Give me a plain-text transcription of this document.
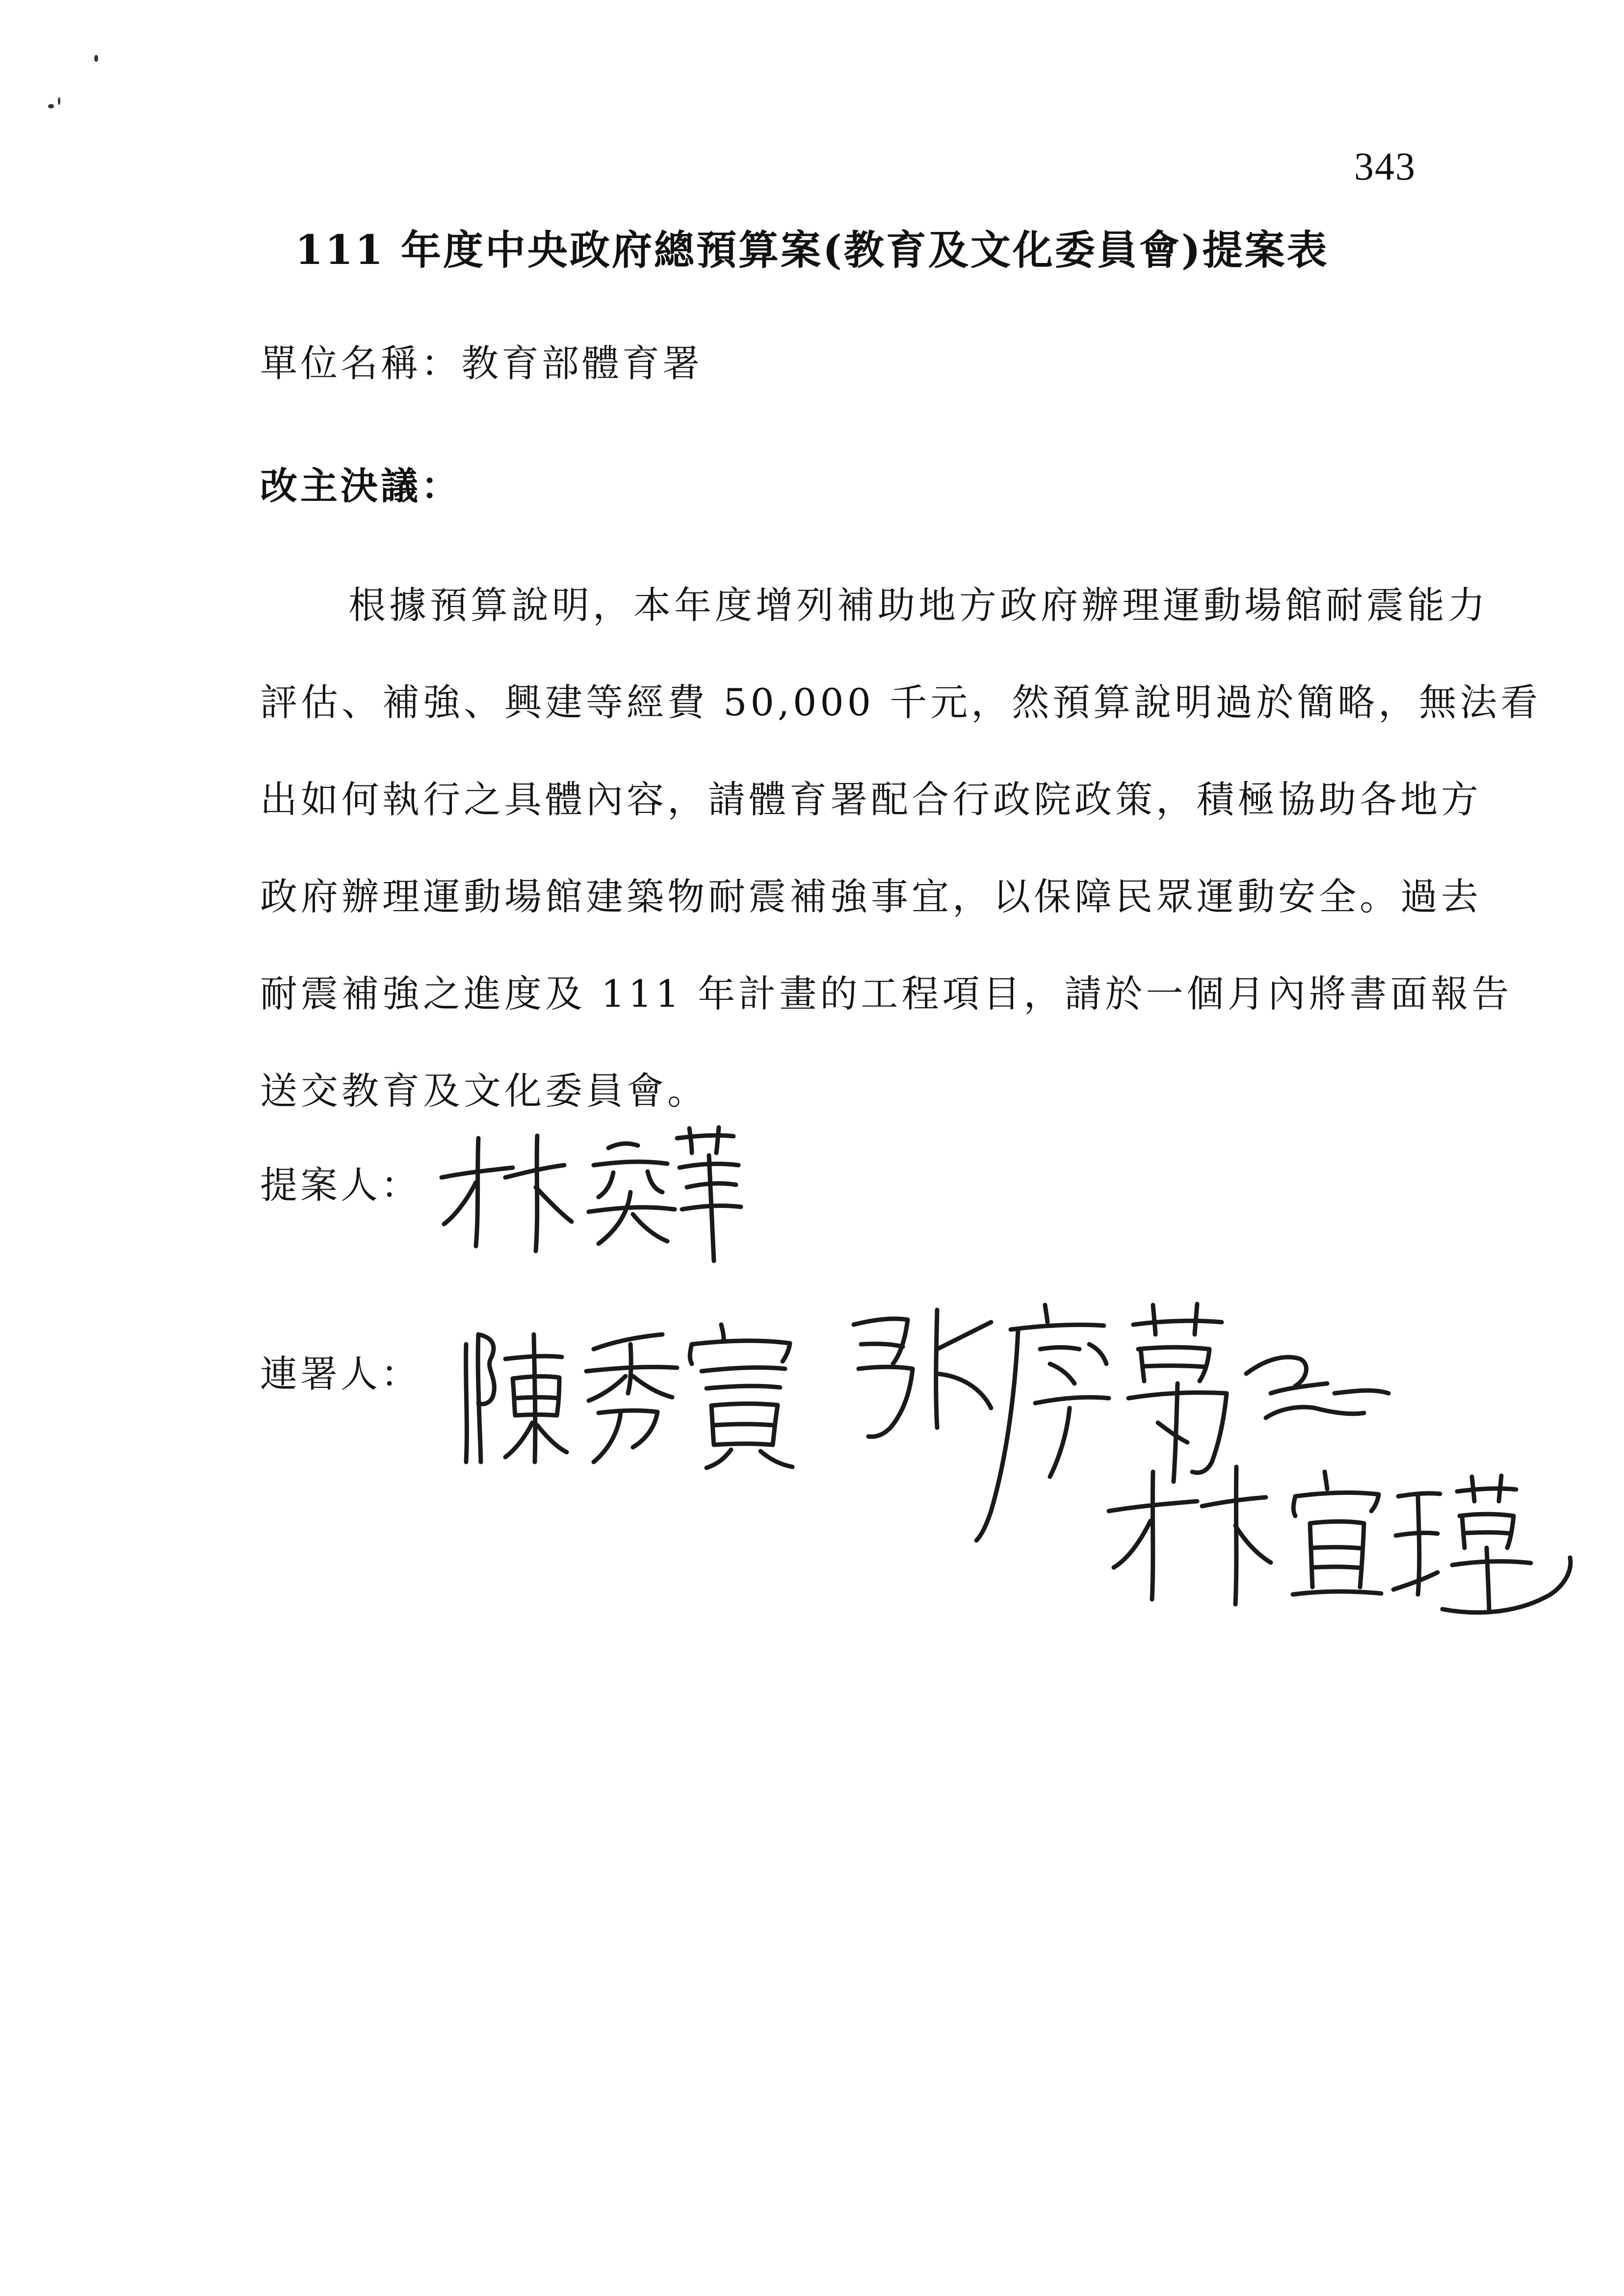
343
111 年度中央政府總預算案(教育及文化委員會)提案表
單位名稱：教育部體育署
改主決議：
根據預算說明，本年度增列補助地方政府辦理運動場館耐震能力
評估、補強、興建等經費 50,000 千元，然預算說明過於簡略，無法看
出如何執行之具體內容，請體育署配合行政院政策，積極協助各地方
政府辦理運動場館建築物耐震補強事宜，以保障民眾運動安全。過去
耐震補強之進度及 111 年計畫的工程項目，請於一個月內將書面報告
送交教育及文化委員會。
提案人：
連署人：
